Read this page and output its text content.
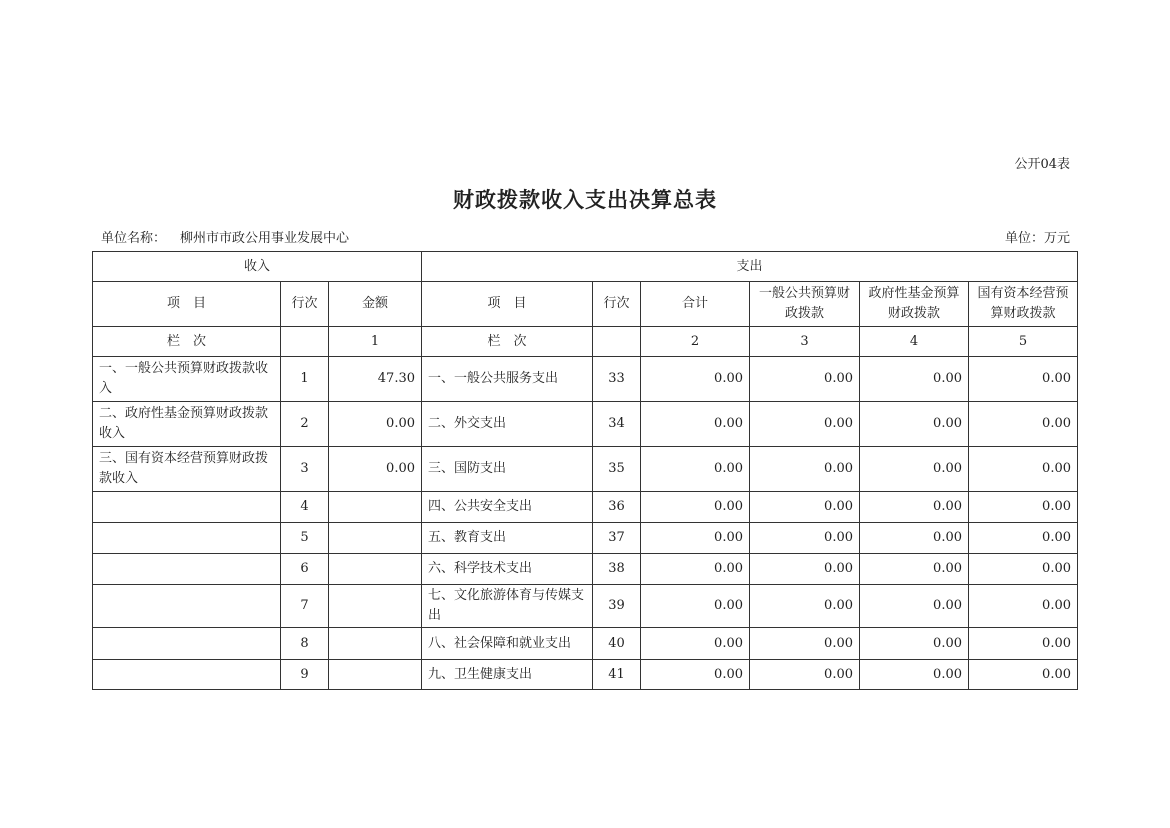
公开04表
财政拨款收入支出决算总表
单位名称： 柳州市市政公用事业发展中心	单位：万元
收入			支出					
项　目	行次	金额	项　目	行次	合计	一般公共预算财政拨款	政府性基金预算财政拨款	国有资本经营预算财政拨款
栏　次		1	栏　次		2	3	4	5
一、一般公共预算财政拨款收入	1	47.30	一、一般公共服务支出	33	0.00	0.00	0.00	0.00
二、政府性基金预算财政拨款收入	2	0.00	二、外交支出	34	0.00	0.00	0.00	0.00
三、国有资本经营预算财政拨款收入	3	0.00	三、国防支出	35	0.00	0.00	0.00	0.00
	4		四、公共安全支出	36	0.00	0.00	0.00	0.00
	5		五、教育支出	37	0.00	0.00	0.00	0.00
	6		六、科学技术支出	38	0.00	0.00	0.00	0.00
	7		七、文化旅游体育与传媒支出	39	0.00	0.00	0.00	0.00
	8		八、社会保障和就业支出	40	0.00	0.00	0.00	0.00
	9		九、卫生健康支出	41	0.00	0.00	0.00	0.00
